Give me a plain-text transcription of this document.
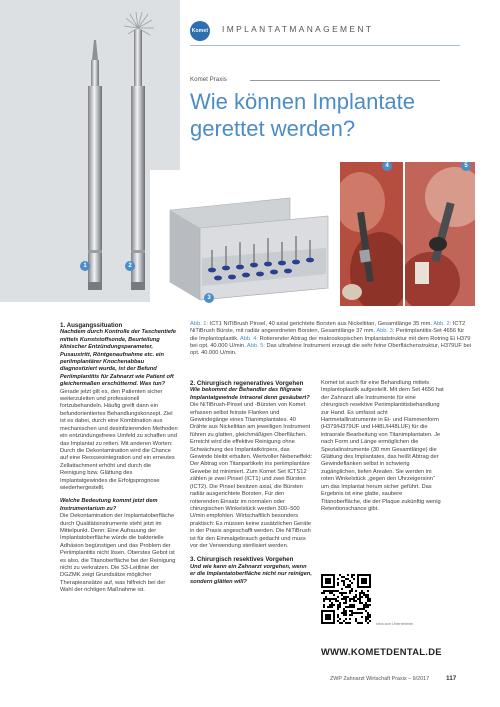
1	2
3
4	5
Komet IMPLANTATMANAGEMENT
Komet Praxis
Wie können Implantate gerettet werden?
Abb. 1: ICT1 NiTiBrush Pinsel, 40 axial gerichtete Borsten aus Nickeltitan, Gesamtlänge 35 mm. Abb. 2: ICT2 NiTiBrush Bürste, mit radiär angeordneten Borsten, Gesamtlänge 37 mm. Abb. 3: Periimplantitis-Set 4656 für die Implantoplastik. Abb. 4: Rotierender Abtrag der makroskopischen Implantatstruktur mit dem Rotring Ei H379 bei opt. 40.000 U/min. Abb. 5: Das ultrafeine Instrument erzeugt die sehr feine Oberflächenstruktur, H379UF bei opt. 40.000 U/min.
1. Ausgangssituation

Nachdem durch Kontrolle der Taschentiefe mittels Kunststoffsonde, Beurteilung klinischer Entzündungsparameter, Pusaustritt, Röntgenaufnahme etc. ein periimplantärer Knochenabbau diagnostiziert wurde, ist der Befund Periimplantitis für Zahnarzt wie Patient oft gleichermaßen erschütternd. Was tun?

Gerade jetzt gilt es, den Patienten sicher weiterzuleiten und professionell fortzubehandeln. Häufig greift dann ein befundorientiertes Behandlungskonzept. Ziel ist es dabei, durch eine Kombination aus mechanischen und desinfizierenden Methoden ein entzündungsfreies Umfeld zu schaffen und das Implantat zu retten. Mit anderen Worten: Durch die Dekontamination wird die Chance auf eine Reosseointegration und ein erneutes Zellattachment erhöht und durch die Reinigung bzw. Glättung des Implantatgewindes die Erfolgsprognose wiederhergestellt.

Welche Bedeutung kommt jetzt dem Instrumentarium zu?

Die Dekontamination der Implantatoberfläche durch Qualitätsinstrumente steht jetzt im Mittelpunkt. Denn: Eine Aufrauung der Implantatoberfläche würde die bakterielle Adhäsion begünstigen und das Problem der Periimplantitis nicht lösen. Oberstes Gebot ist es also, die Titanoberfläche bei der Reinigung nicht zu verkratzen. Die S3-Leitlinie der DGZMK zeigt Grundsätze möglicher Therapieansätze auf, was hilfreich bei der Wahl der richtigen Maßnahme ist.

2. Chirurgisch regeneratives Vorgehen

Wie bekommt der Behandler das filigrane Implantatgewinde intraoral denn gesäubert?

Die NiTiBrush-Pinsel und -Bürsten von Komet erfassen selbst feinste Flanken und Gewindegänge eines Titanimplantates. 40 Drähte aus Nickeltitan am jeweiligen Instrument führen zu glatten, gleichmäßigen Oberflächen. Erreicht wird die effektive Reinigung ohne Schwächung des Implantatkörpers, das Gewinde bleibt erhalten. Wertvoller Nebeneffekt: Der Abtrag von Titanpartikeln ins periimplantäre Gewebe ist minimiert. Zum Komet Set ICTS12 zählen je zwei Pinsel (ICT1) und zwei Bürsten (ICT2). Die Pinsel besitzen axial, die Bürsten radiär ausgerichtete Borsten. Für den rotierenden Einsatz im normalen oder chirurgischen Winkelstück werden 300–500 U/min empfohlen. Wirtschaftlich besonders praktisch: Es müssen keine zusätzlichen Geräte in der Praxis angeschafft werden. Die NiTiBrush ist für den Einmalgebrauch gedacht und muss vor der Verwendung sterilisiert werden.

3. Chirurgisch resektives Vorgehen

Und wie kann ein Zahnarzt vorgehen, wenn er die Implantatoberfläche nicht nur reinigen, sondern glätten will?

Komet ist auch für eine Behandlung mittels Implantoplastik aufgestellt. Mit dem Set 4656 hat der Zahnarzt alle Instrumente für eine chirurgisch resektive Periimplantitisbehandlung zur Hand. Es umfasst acht Hartmetallinstrumente in Ei- und Flammenform (H379/H379UF und H48L/H48LUF) für die intraorale Bearbeitung von Titanimplantaten. Je nach Form und Länge ermöglichen die Spezialinstrumente (30 mm Gesamtlänge) die Glättung des Implantates, das heißt Abtrag der Gewindeflanken selbst in schwierig zugänglichen, tiefen Arealen. Sie werden im roten Winkelstück „gegen den Uhrzeigersinn“ um das Implantat herum sicher geführt. Das Ergebnis ist eine glatte, saubere Titanoberfläche, die der Plaque zukünftig wenig Retentionschance gibt.

Infos zum Unternehmen
WWW.KOMETDENTAL.DE
ZWP Zahnarzt Wirtschaft Praxis – 9/2017	117
